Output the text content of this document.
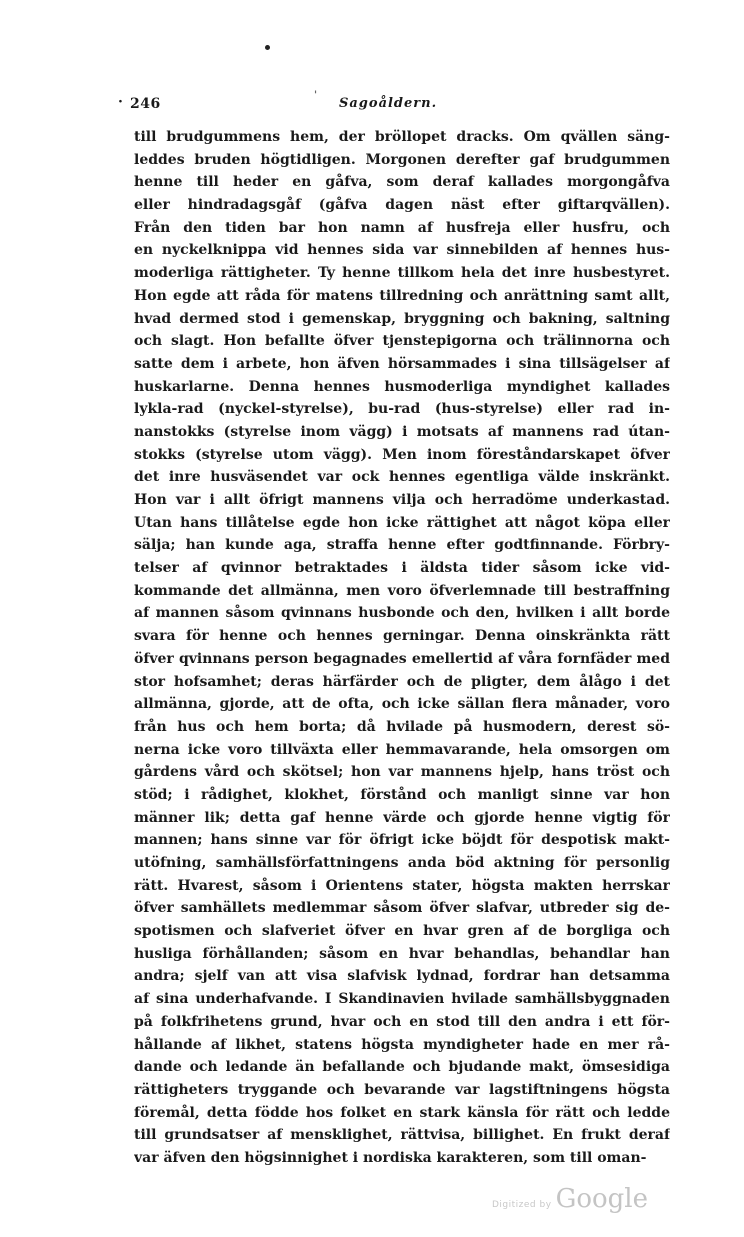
· 246
'
Sagoåldern.
till brudgummens hem, der bröllopet dracks. Om qvällen säng-
leddes bruden högtidligen. Morgonen derefter gaf brudgummen
henne till heder en gåfva, som deraf kallades morgongåfva
eller hindradagsgåf (gåfva dagen näst efter giftarqvällen).
Från den tiden bar hon namn af husfreja eller husfru, och
en nyckelknippa vid hennes sida var sinnebilden af hennes hus-
moderliga rättigheter. Ty henne tillkom hela det inre husbestyret.
Hon egde att råda för matens tillredning och anrättning samt allt,
hvad dermed stod i gemenskap, bryggning och bakning, saltning
och slagt. Hon befallte öfver tjenstepigorna och trälinnorna och
satte dem i arbete, hon äfven hörsammades i sina tillsägelser af
huskarlarne. Denna hennes husmoderliga myndighet kallades
lykla-rad (nyckel-styrelse), bu-rad (hus-styrelse) eller rad in-
nanstokks (styrelse inom vägg) i motsats af mannens rad útan-
stokks (styrelse utom vägg). Men inom föreståndarskapet öfver
det inre husväsendet var ock hennes egentliga välde inskränkt.
Hon var i allt öfrigt mannens vilja och herradöme underkastad.
Utan hans tillåtelse egde hon icke rättighet att något köpa eller
sälja; han kunde aga, straffa henne efter godtfinnande. Förbry-
telser af qvinnor betraktades i äldsta tider såsom icke vid-
kommande det allmänna, men voro öfverlemnade till bestraffning
af mannen såsom qvinnans husbonde och den, hvilken i allt borde
svara för henne och hennes gerningar. Denna oinskränkta rätt
öfver qvinnans person begagnades emellertid af våra fornfäder med
stor hofsamhet; deras härfärder och de pligter, dem ålågo i det
allmänna, gjorde, att de ofta, och icke sällan flera månader, voro
från hus och hem borta; då hvilade på husmodern, derest sö-
nerna icke voro tillväxta eller hemmavarande, hela omsorgen om
gårdens vård och skötsel; hon var mannens hjelp, hans tröst och
stöd; i rådighet, klokhet, förstånd och manligt sinne var hon
männer lik; detta gaf henne värde och gjorde henne vigtig för
mannen; hans sinne var för öfrigt icke böjdt för despotisk makt-
utöfning, samhällsförfattningens anda böd aktning för personlig
rätt. Hvarest, såsom i Orientens stater, högsta makten herrskar
öfver samhällets medlemmar såsom öfver slafvar, utbreder sig de-
spotismen och slafveriet öfver en hvar gren af de borgliga och
husliga förhållanden; såsom en hvar behandlas, behandlar han
andra; sjelf van att visa slafvisk lydnad, fordrar han detsamma
af sina underhafvande. I Skandinavien hvilade samhällsbyggnaden
på folkfrihetens grund, hvar och en stod till den andra i ett för-
hållande af likhet, statens högsta myndigheter hade en mer rå-
dande och ledande än befallande och bjudande makt, ömsesidiga
rättigheters tryggande och bevarande var lagstiftningens högsta
föremål, detta födde hos folket en stark känsla för rätt och ledde
till grundsatser af mensklighet, rättvisa, billighet. En frukt deraf
var äfven den högsinnighet i nordiska karakteren, som till oman-
Digitized by Google
